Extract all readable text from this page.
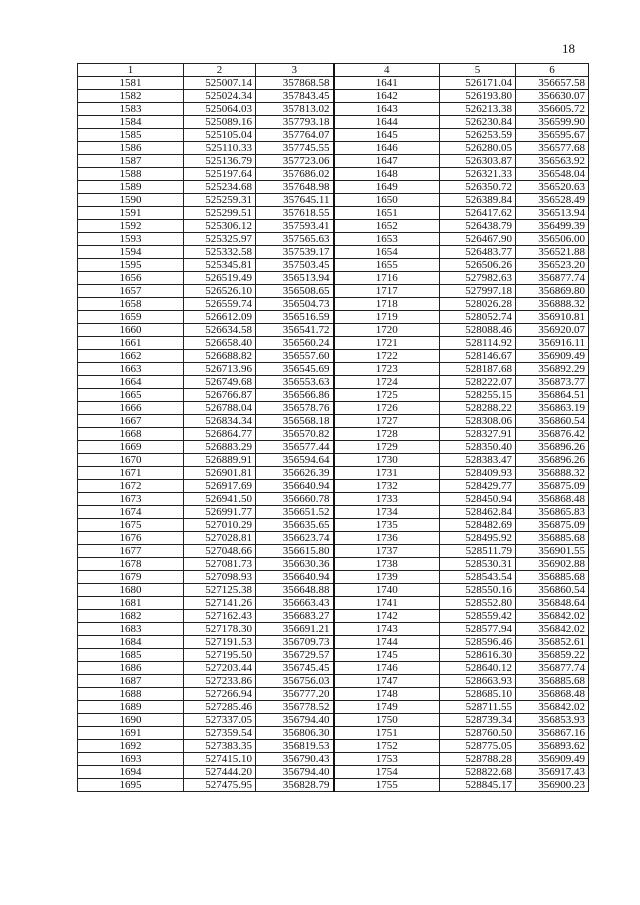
18
1	2	3	4	5	6
1581	525007.14	357868.58	1641	526171.04	356657.58
1582	525024.34	357843.45	1642	526193.80	356630.07
1583	525064.03	357813.02	1643	526213.38	356605.72
1584	525089.16	357793.18	1644	526230.84	356599.90
1585	525105.04	357764.07	1645	526253.59	356595.67
1586	525110.33	357745.55	1646	526280.05	356577.68
1587	525136.79	357723.06	1647	526303.87	356563.92
1588	525197.64	357686.02	1648	526321.33	356548.04
1589	525234.68	357648.98	1649	526350.72	356520.63
1590	525259.31	357645.11	1650	526389.84	356528.49
1591	525299.51	357618.55	1651	526417.62	356513.94
1592	525306.12	357593.41	1652	526438.79	356499.39
1593	525325.97	357565.63	1653	526467.90	356506.00
1594	525332.58	357539.17	1654	526483.77	356521.88
1595	525345.81	357503.45	1655	526506.26	356523.20
1656	526519.49	356513.94	1716	527982.63	356877.74
1657	526526.10	356508.65	1717	527997.18	356869.80
1658	526559.74	356504.73	1718	528026.28	356888.32
1659	526612.09	356516.59	1719	528052.74	356910.81
1660	526634.58	356541.72	1720	528088.46	356920.07
1661	526658.40	356560.24	1721	528114.92	356916.11
1662	526688.82	356557.60	1722	528146.67	356909.49
1663	526713.96	356545.69	1723	528187.68	356892.29
1664	526749.68	356553.63	1724	528222.07	356873.77
1665	526766.87	356566.86	1725	528255.15	356864.51
1666	526788.04	356578.76	1726	528288.22	356863.19
1667	526834.34	356568.18	1727	528308.06	356860.54
1668	526864.77	356570.82	1728	528327.91	356876.42
1669	526883.29	356577.44	1729	528350.40	356896.26
1670	526889.91	356594.64	1730	528383.47	356896.26
1671	526901.81	356626.39	1731	528409.93	356888.32
1672	526917.69	356640.94	1732	528429.77	356875.09
1673	526941.50	356660.78	1733	528450.94	356868.48
1674	526991.77	356651.52	1734	528462.84	356865.83
1675	527010.29	356635.65	1735	528482.69	356875.09
1676	527028.81	356623.74	1736	528495.92	356885.68
1677	527048.66	356615.80	1737	528511.79	356901.55
1678	527081.73	356630.36	1738	528530.31	356902.88
1679	527098.93	356640.94	1739	528543.54	356885.68
1680	527125.38	356648.88	1740	528550.16	356860.54
1681	527141.26	356663.43	1741	528552.80	356848.64
1682	527162.43	356683.27	1742	528559.42	356842.02
1683	527178.30	356691.21	1743	528577.94	356842.02
1684	527191.53	356709.73	1744	528596.46	356852.61
1685	527195.50	356729.57	1745	528616.30	356859.22
1686	527203.44	356745.45	1746	528640.12	356877.74
1687	527233.86	356756.03	1747	528663.93	356885.68
1688	527266.94	356777.20	1748	528685.10	356868.48
1689	527285.46	356778.52	1749	528711.55	356842.02
1690	527337.05	356794.40	1750	528739.34	356853.93
1691	527359.54	356806.30	1751	528760.50	356867.16
1692	527383.35	356819.53	1752	528775.05	356893.62
1693	527415.10	356790.43	1753	528788.28	356909.49
1694	527444.20	356794.40	1754	528822.68	356917.43
1695	527475.95	356828.79	1755	528845.17	356900.23
